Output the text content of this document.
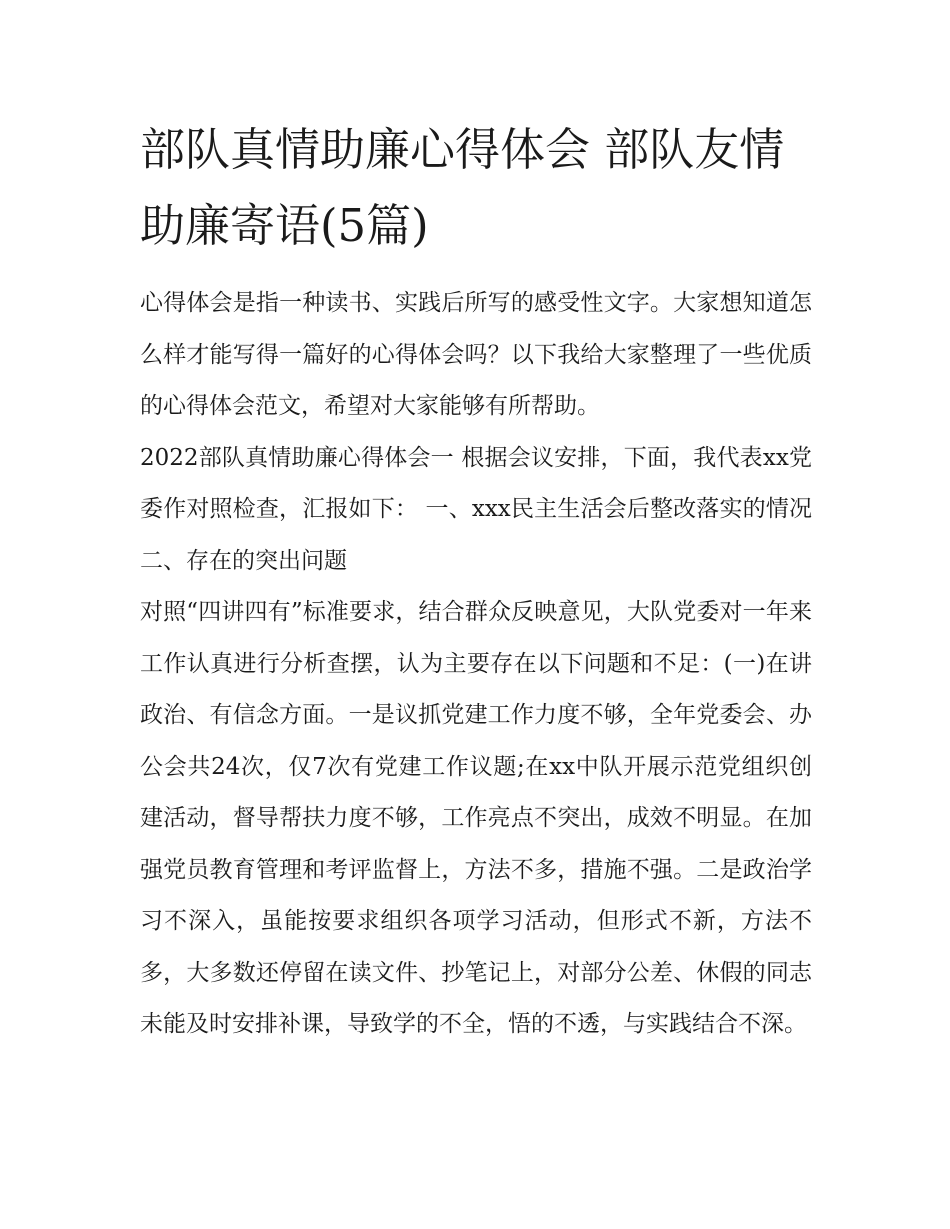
部队真情助廉心得体会 部队友情助廉寄语(5篇)

心得体会是指一种读书、实践后所写的感受性文字。大家想知道怎么样才能写得一篇好的心得体会吗？以下我给大家整理了一些优质的心得体会范文，希望对大家能够有所帮助。

2022部队真情助廉心得体会一 根据会议安排，下面，我代表xx党委作对照检查，汇报如下： 一、xxx民主生活会后整改落实的情况 二、存在的突出问题

对照“四讲四有”标准要求，结合群众反映意见，大队党委对一年来工作认真进行分析查摆，认为主要存在以下问题和不足：(一)在讲政治、有信念方面。一是议抓党建工作力度不够，全年党委会、办公会共24次，仅7次有党建工作议题;在xx中队开展示范党组织创建活动，督导帮扶力度不够，工作亮点不突出，成效不明显。在加强党员教育管理和考评监督上，方法不多，措施不强。二是政治学习不深入，虽能按要求组织各项学习活动，但形式不新，方法不多，大多数还停留在读文件、抄笔记上，对部分公差、休假的同志未能及时安排补课，导致学的不全，悟的不透，与实践结合不深。
